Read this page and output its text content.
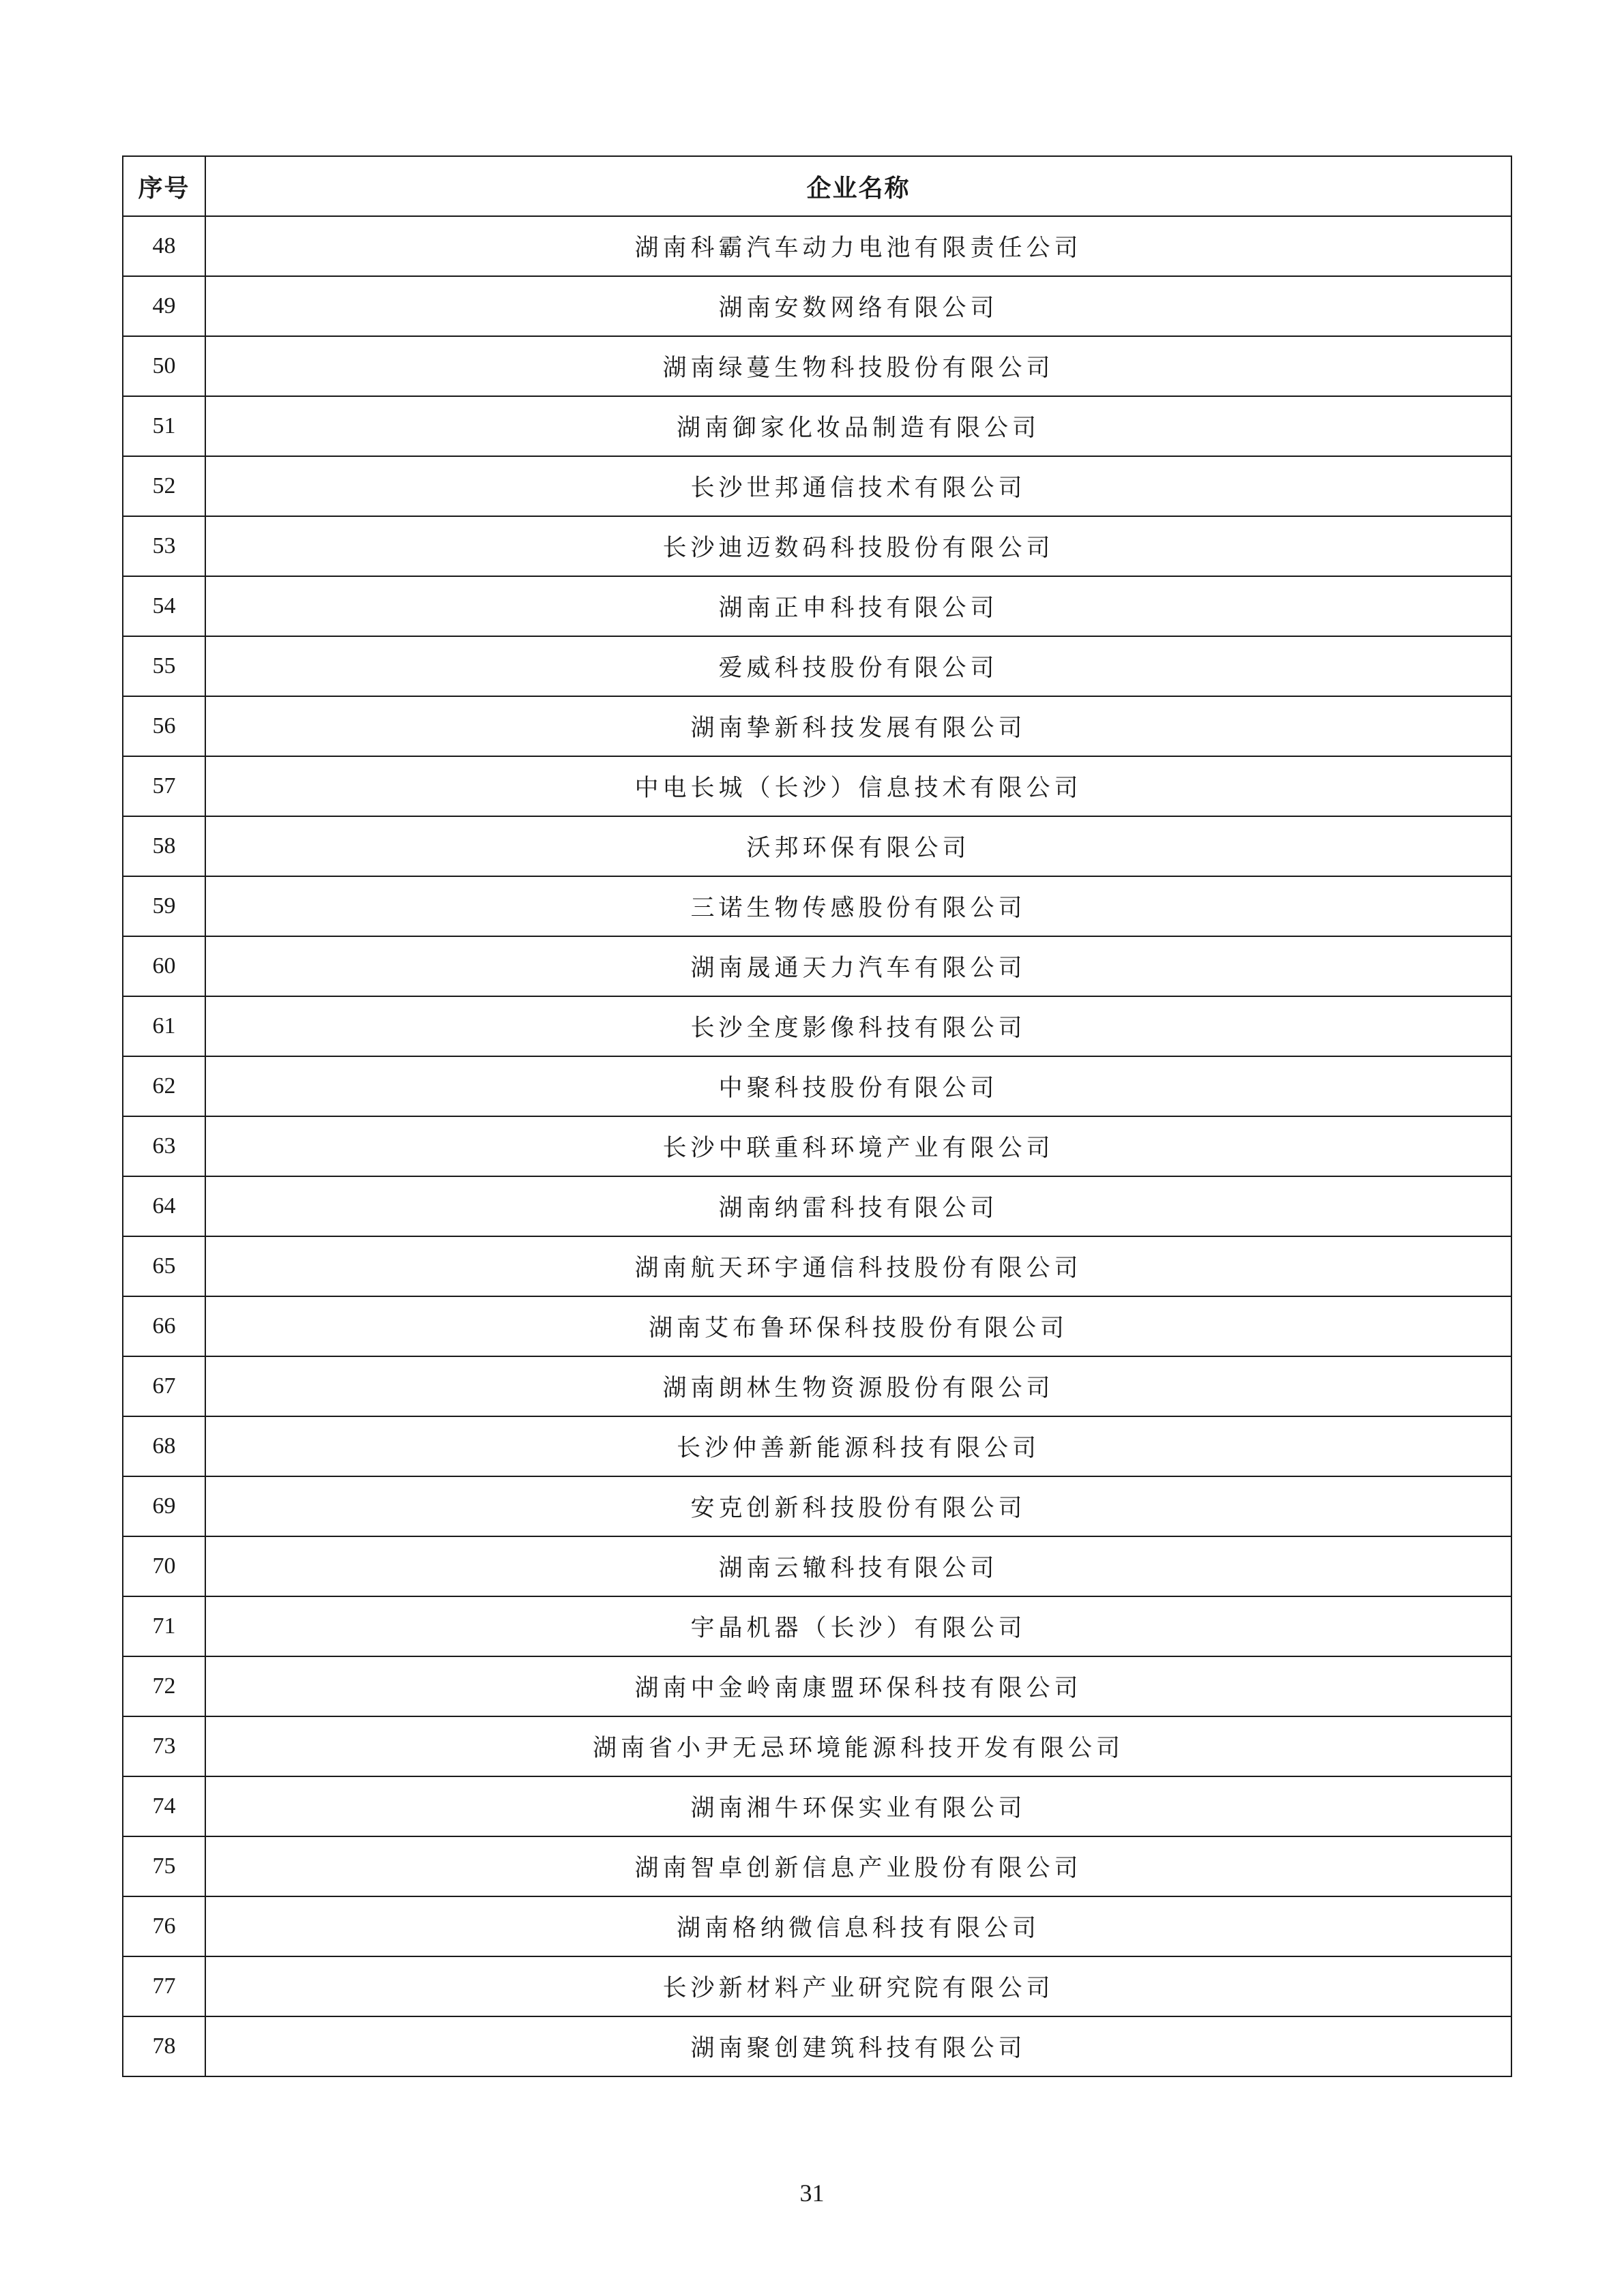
序号	企业名称
48	湖南科霸汽车动力电池有限责任公司
49	湖南安数网络有限公司
50	湖南绿蔓生物科技股份有限公司
51	湖南御家化妆品制造有限公司
52	长沙世邦通信技术有限公司
53	长沙迪迈数码科技股份有限公司
54	湖南正申科技有限公司
55	爱威科技股份有限公司
56	湖南挚新科技发展有限公司
57	中电长城（长沙）信息技术有限公司
58	沃邦环保有限公司
59	三诺生物传感股份有限公司
60	湖南晟通天力汽车有限公司
61	长沙全度影像科技有限公司
62	中聚科技股份有限公司
63	长沙中联重科环境产业有限公司
64	湖南纳雷科技有限公司
65	湖南航天环宇通信科技股份有限公司
66	湖南艾布鲁环保科技股份有限公司
67	湖南朗林生物资源股份有限公司
68	长沙仲善新能源科技有限公司
69	安克创新科技股份有限公司
70	湖南云辙科技有限公司
71	宇晶机器（长沙）有限公司
72	湖南中金岭南康盟环保科技有限公司
73	湖南省小尹无忌环境能源科技开发有限公司
74	湖南湘牛环保实业有限公司
75	湖南智卓创新信息产业股份有限公司
76	湖南格纳微信息科技有限公司
77	长沙新材料产业研究院有限公司
78	湖南聚创建筑科技有限公司
31
